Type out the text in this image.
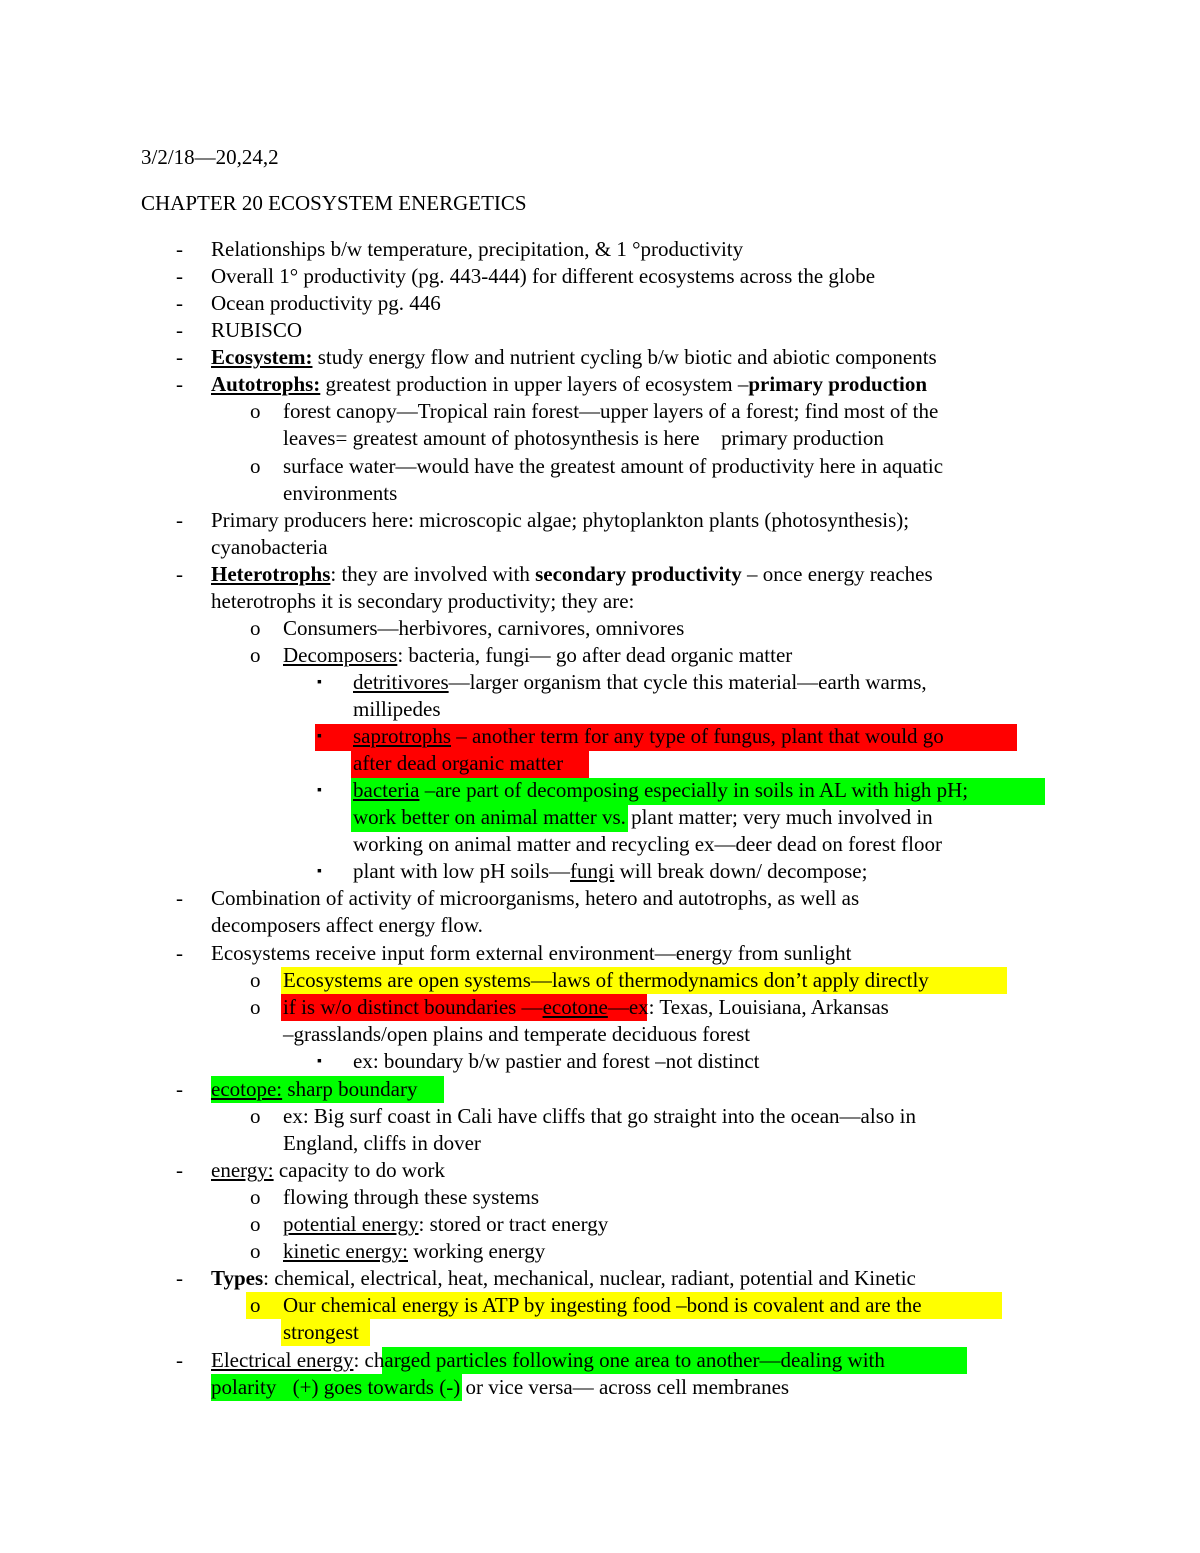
3/2/18—20,24,2
CHAPTER 20 ECOSYSTEM ENERGETICS
- Relationships b/w temperature, precipitation, & 1 °productivity
- Overall 1° productivity (pg. 443-444) for different ecosystems across the globe
- Ocean productivity pg. 446
- RUBISCO
- Ecosystem: study energy flow and nutrient cycling b/w biotic and abiotic components
- Autotrophs: greatest production in upper layers of ecosystem –primary production
o forest canopy—Tropical rain forest—upper layers of a forest; find most of the
leaves= greatest amount of photosynthesis is here primary production
o surface water—would have the greatest amount of productivity here in aquatic
environments
- Primary producers here: microscopic algae; phytoplankton plants (photosynthesis);
cyanobacteria
- Heterotrophs: they are involved with secondary productivity – once energy reaches
heterotrophs it is secondary productivity; they are:
o Consumers—herbivores, carnivores, omnivores
o Decomposers: bacteria, fungi— go after dead organic matter
▪ detritivores—larger organism that cycle this material—earth warms,
millipedes
▪ saprotrophs – another term for any type of fungus, plant that would go
after dead organic matter
▪ bacteria –are part of decomposing especially in soils in AL with high pH;
work better on animal matter vs. plant matter; very much involved in
working on animal matter and recycling ex—deer dead on forest floor
▪ plant with low pH soils—fungi will break down/ decompose;
- Combination of activity of microorganisms, hetero and autotrophs, as well as
decomposers affect energy flow.
- Ecosystems receive input form external environment—energy from sunlight
o Ecosystems are open systems—laws of thermodynamics don’t apply directly
o if is w/o distinct boundaries —ecotone—ex: Texas, Louisiana, Arkansas
–grasslands/open plains and temperate deciduous forest
▪ ex: boundary b/w pastier and forest –not distinct
- ecotope: sharp boundary
o ex: Big surf coast in Cali have cliffs that go straight into the ocean—also in
England, cliffs in dover
- energy: capacity to do work
o flowing through these systems
o potential energy: stored or tract energy
o kinetic energy: working energy
- Types: chemical, electrical, heat, mechanical, nuclear, radiant, potential and Kinetic
o Our chemical energy is ATP by ingesting food –bond is covalent and are the
strongest
- Electrical energy: charged particles following one area to another—dealing with
polarity (+) goes towards (-) or vice versa— across cell membranes
